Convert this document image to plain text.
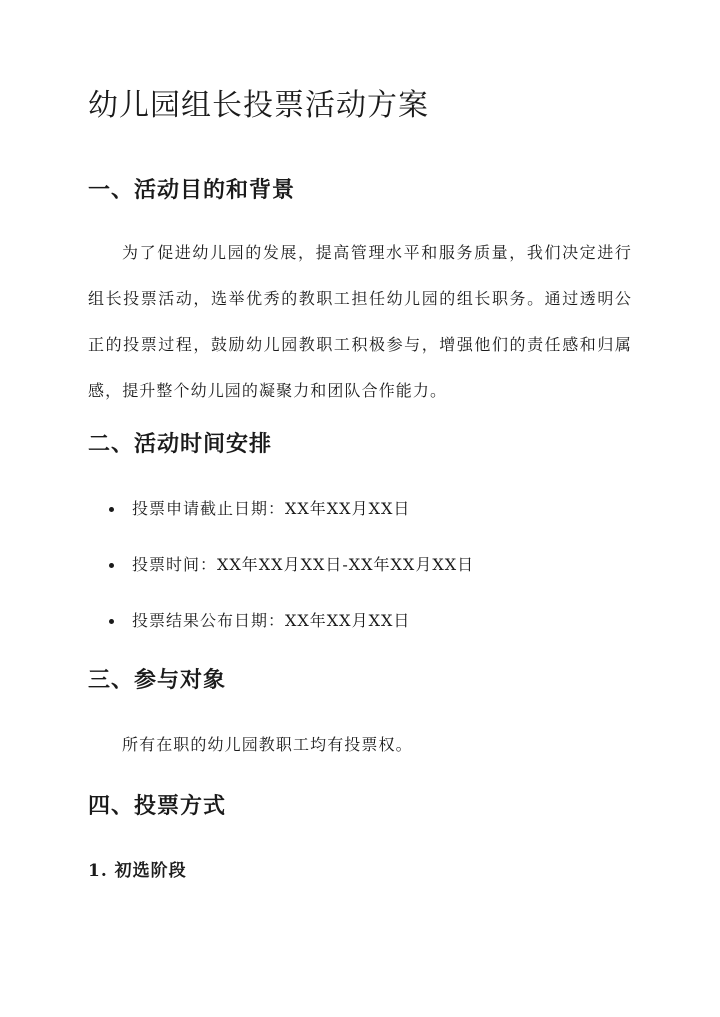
幼儿园组长投票活动方案
一、活动目的和背景

为了促进幼儿园的发展，提高管理水平和服务质量，我们决定进行组长投票活动，选举优秀的教职工担任幼儿园的组长职务。通过透明公正的投票过程，鼓励幼儿园教职工积极参与，增强他们的责任感和归属感，提升整个幼儿园的凝聚力和团队合作能力。

二、活动时间安排
投票申请截止日期：XX年XX月XX日
投票时间：XX年XX月XX日-XX年XX月XX日
投票结果公布日期：XX年XX月XX日
三、参与对象

所有在职的幼儿园教职工均有投票权。

四、投票方式
1. 初选阶段
